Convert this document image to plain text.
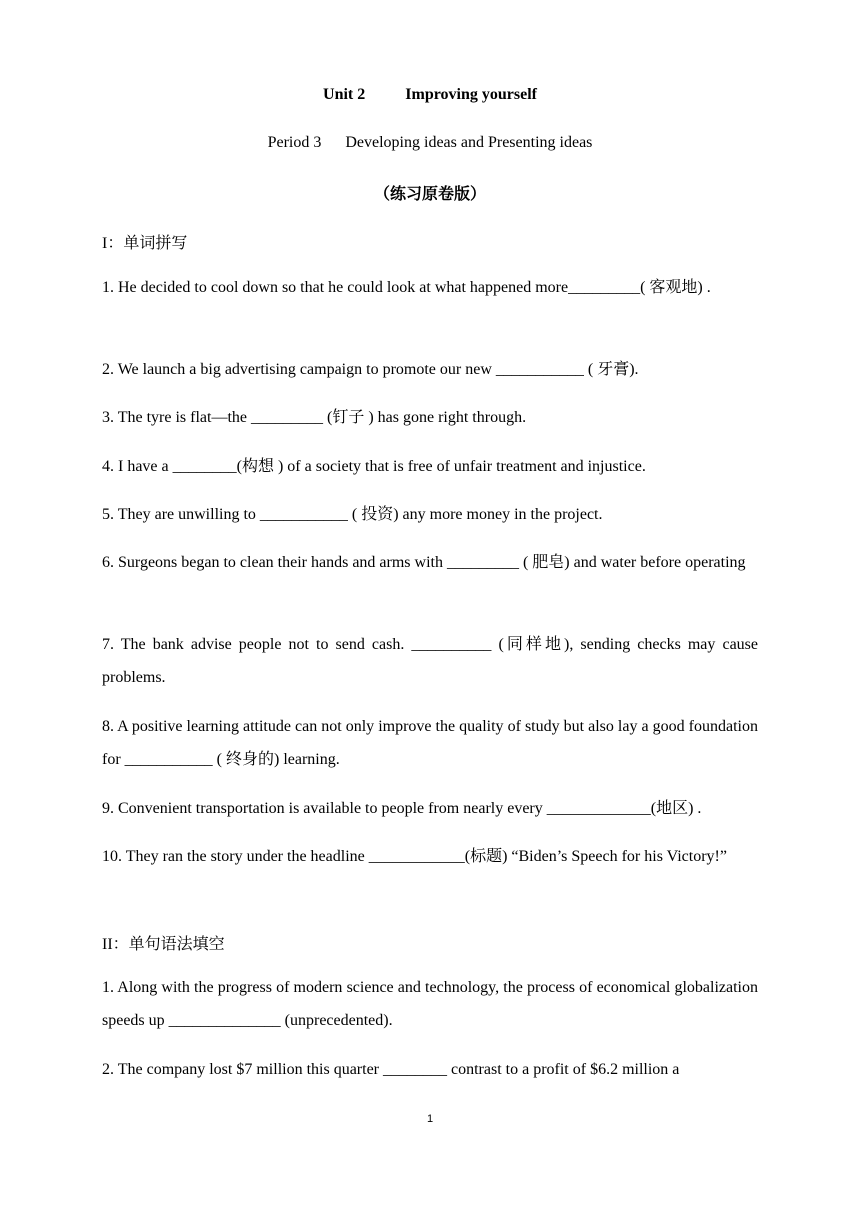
Unit 2          Improving yourself
Period 3      Developing ideas and Presenting ideas
（练习原卷版）
I：单词拼写
1. He decided to cool down so that he could look at what happened more_________( 客观地) .
2. We launch a big advertising campaign to promote our new ___________ ( 牙膏).
3. The tyre is flat—the _________ (钉子 ) has gone right through.
4. I have a ________(构想 ) of a society that is free of unfair treatment and injustice.
5. They are unwilling to ___________ ( 投资) any more money in the project.
6. Surgeons began to clean their hands and arms with _________ ( 肥皂) and water before operating
7. The bank advise people not to send cash. __________ (同样地), sending checks may cause problems.
8. A positive learning attitude can not only improve the quality of study but also lay a good foundation for ___________ ( 终身的) learning.
9. Convenient transportation is available to people from nearly every _____________(地区) .
10. They ran the story under the headline ____________(标题) “Biden’s Speech for his Victory!”
II：单句语法填空
1. Along with the progress of modern science and technology, the process of economical globalization speeds up ______________ (unprecedented).
2. The company lost $7 million this quarter ________ contrast to a profit of $6.2 million a
1
